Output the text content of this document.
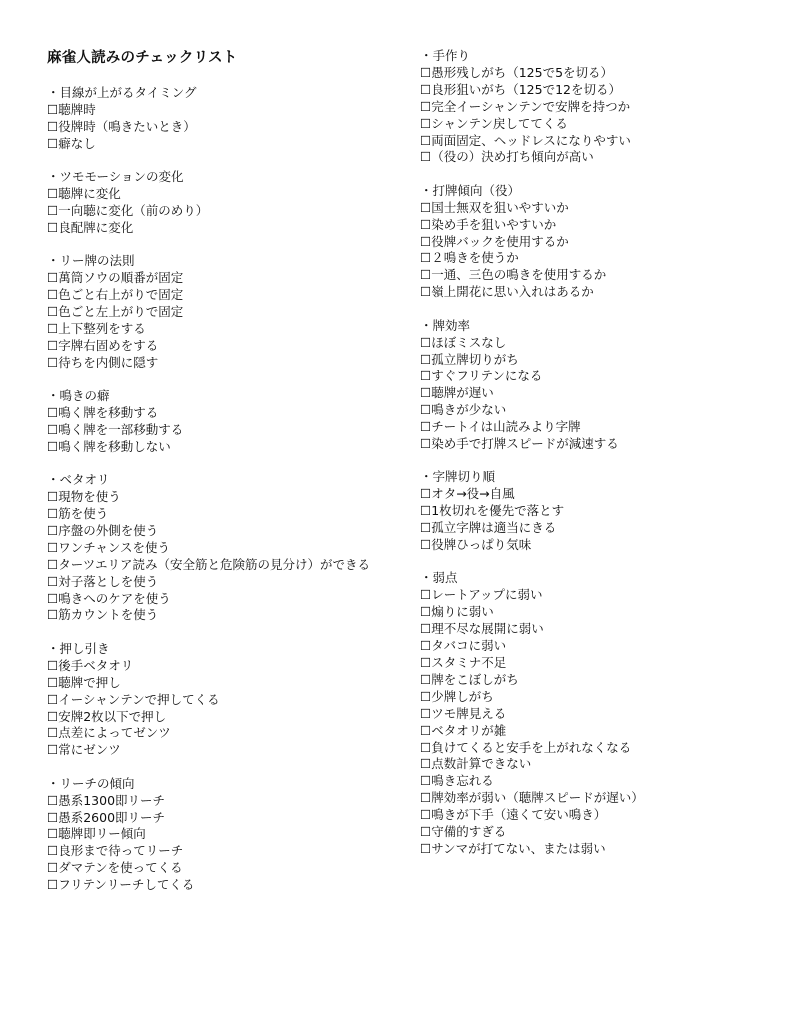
麻雀人読みのチェックリスト
・目線が上がるタイミング
☐聴牌時
☐役牌時（鳴きたいとき）
☐癖なし
・ツモモーションの変化
☐聴牌に変化
☐一向聴に変化（前のめり）
☐良配牌に変化
・リー牌の法則
☐萬筒ソウの順番が固定
☐色ごと右上がりで固定
☐色ごと左上がりで固定
☐上下整列をする
☐字牌右固めをする
☐待ちを内側に隠す
・鳴きの癖
☐鳴く牌を移動する
☐鳴く牌を一部移動する
☐鳴く牌を移動しない
・ベタオリ
☐現物を使う
☐筋を使う
☐序盤の外側を使う
☐ワンチャンスを使う
☐ターツエリア読み（安全筋と危険筋の見分け）ができる
☐対子落としを使う
☐鳴きへのケアを使う
☐筋カウントを使う
・押し引き
☐後手ベタオリ
☐聴牌で押し
☐イーシャンテンで押してくる
☐安牌2枚以下で押し
☐点差によってゼンツ
☐常にゼンツ
・リーチの傾向
☐愚系1300即リーチ
☐愚系2600即リーチ
☐聴牌即リー傾向
☐良形まで待ってリーチ
☐ダマテンを使ってくる
☐フリテンリーチしてくる
・手作り
☐愚形残しがち（125で5を切る）
☐良形狙いがち（125で12を切る）
☐完全イーシャンテンで安牌を持つか
☐シャンテン戻しててくる
☐両面固定、ヘッドレスになりやすい
☐（役の）決め打ち傾向が高い
・打牌傾向（役）
☐国士無双を狙いやすいか
☐染め手を狙いやすいか
☐役牌バックを使用するか
☐２鳴きを使うか
☐一通、三色の鳴きを使用するか
☐嶺上開花に思い入れはあるか
・牌効率
☐ほぼミスなし
☐孤立牌切りがち
☐すぐフリテンになる
☐聴牌が遅い
☐鳴きが少ない
☐チートイは山読みより字牌
☐染め手で打牌スピードが減速する
・字牌切り順
☐オタ→役→自風
☐1枚切れを優先で落とす
☐孤立字牌は適当にきる
☐役牌ひっぱり気味
・弱点
☐レートアップに弱い
☐煽りに弱い
☐理不尽な展開に弱い
☐タバコに弱い
☐スタミナ不足
☐牌をこぼしがち
☐少牌しがち
☐ツモ牌見える
☐ベタオリが雑
☐負けてくると安手を上がれなくなる
☐点数計算できない
☐鳴き忘れる
☐牌効率が弱い（聴牌スピードが遅い）
☐鳴きが下手（遠くて安い鳴き）
☐守備的すぎる
☐サンマが打てない、または弱い
